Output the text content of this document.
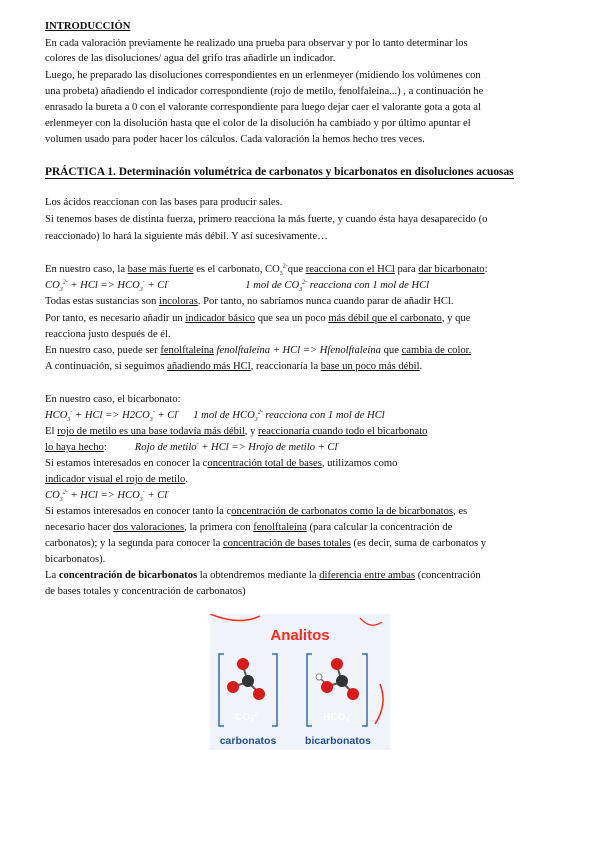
INTRODUCCIÓN
En cada valoración previamente he realizado una prueba para observar y por lo tanto determinar los
colores de las disoluciones/ agua del grifo tras añadirle un indicador.
Luego, he preparado las disoluciones correspondientes en un erlenmeyer (midiendo los volúmenes con
una probeta) añadiendo el indicador correspondiente (rojo de metilo, fenolfaleína...) , a continuación he
enrasado la bureta a 0 con el valorante correspondiente para luego dejar caer el valorante gota a gota al
erlenmeyer con la disolución hasta que el color de la disolución ha cambiado y por último apuntar el
volumen usado para poder hacer los cálculos. Cada valoración la hemos hecho tres veces.
PRÁCTICA 1. Determinación volumétrica de carbonatos y bicarbonatos en disoluciones acuosas
Los ácidos reaccionan con las bases para producir sales.
Si tenemos bases de distinta fuerza, primero reacciona la más fuerte, y cuando ésta haya desaparecido (o
reaccionado) lo hará la siguiente más débil. Y así sucesivamente…
En nuestro caso, la base más fuerte es el carbonato, $CO_3^{2-}que$ reacciona con el HCl para dar bicarbonato:
$CO_3^{2-}$ + HCl => $HCO_3^- + Cl^-$	1 mol de $CO_3^{2-}$ reacciona con 1 mol de HCl
Todas estas sustancias son incoloras. Por tanto, no sabríamos nunca cuando parar de añadir HCl.
Por tanto, es necesario añadir un indicador básico que sea un poco más débil que el carbonato, y que
reacciona justo después de él.
En nuestro caso, puede ser fenolftaleína fenolftaleína + HCl => Hfenolftaleína que cambia de color.
A continuación, si seguimos añadiendo más HCl, reaccionaría la base un poco más débil.
En nuestro caso, el bicarbonato:
$HCO_3^-$ + HCl => $H2CO_3^- + Cl^-$ 1 mol de $HCO_3^{2-}$ reacciona con 1 mol de HCl
El rojo de metilo es una base todavía más débil, y reaccionaría cuando todo el bicarbonato
lo haya hecho:	Rojo de metilo- + HCl => Hrojo de metilo + Cl-
Si estamos interesados en conocer la concentración total de bases, utilizamos como
indicador visual el rojo de metilo.
$CO_3^{2-}$ + HCl => $HCO_3^- + Cl^-$
Si estamos interesados en conocer tanto la concentración de carbonatos como la de bicarbonatos, es
necesario hacer dos valoraciones, la primera con fenolftaleína (para calcular la concentración de
carbonatos); y la segunda para conocer la concentración de bases totales (es decir, suma de carbonatos y
bicarbonatos).
La concentración de bicarbonatos la obtendremos mediante la diferencia entre ambas (concentración
de bases totales y concentración de carbonatos)
Analitos
$CO_3^{2-}$	$HCO_3^-$
carbonatos	bicarbonatos
